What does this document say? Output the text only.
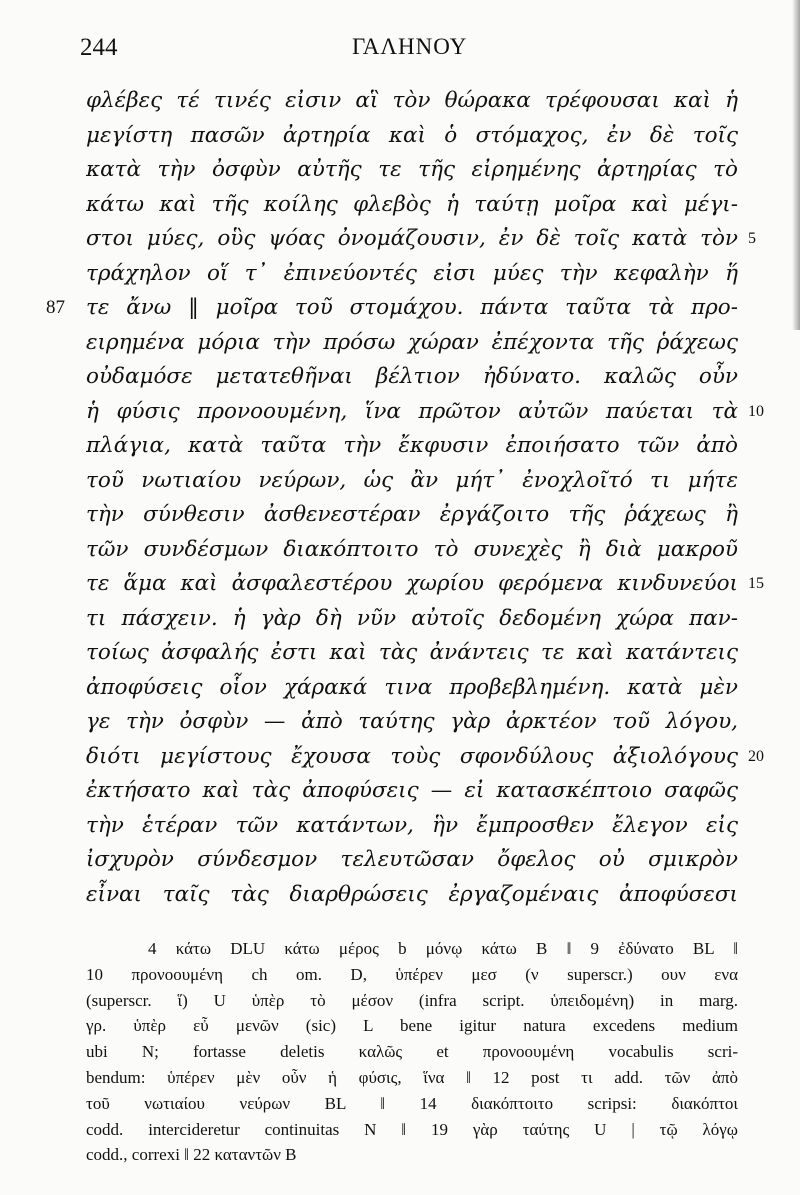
244	ΓΑΛΗΝΟΥ
φλέβες τέ τινές εἰσιν αἳ τὸν θώρακα τρέφουσαι καὶ ἡ
μεγίστη πασῶν ἀρτηρία καὶ ὁ στόμαχος, ἐν δὲ τοῖς
κατὰ τὴν ὀσφὺν αὐτῆς τε τῆς εἰρημένης ἀρτηρίας τὸ
κάτω καὶ τῆς κοίλης φλεβὸς ἡ ταύτῃ μοῖρα καὶ μέγι-
στοι μύες, οὓς ψόας ὀνομάζουσιν, ἐν δὲ τοῖς κατὰ τὸν 5
τράχηλον οἵ τ᾽ ἐπινεύοντές εἰσι μύες τὴν κεφαλὴν ἥ
87 τε ἄνω ‖ μοῖρα τοῦ στομάχου. πάντα ταῦτα τὰ προ-
ειρημένα μόρια τὴν πρόσω χώραν ἐπέχοντα τῆς ῥάχεως
οὐδαμόσε μετατεθῆναι βέλτιον ἠδύνατο. καλῶς οὖν
ἡ φύσις προνοουμένη, ἵνα πρῶτον αὐτῶν παύεται τὰ 10
πλάγια, κατὰ ταῦτα τὴν ἔκφυσιν ἐποιήσατο τῶν ἀπὸ
τοῦ νωτιαίου νεύρων, ὡς ἂν μήτ᾽ ἐνοχλοῖτό τι μήτε
τὴν σύνθεσιν ἀσθενεστέραν ἐργάζοιτο τῆς ῥάχεως ἢ
τῶν συνδέσμων διακόπτοιτο τὸ συνεχὲς ἢ διὰ μακροῦ
τε ἅμα καὶ ἀσφαλεστέρου χωρίου φερόμενα κινδυνεύοι 15
τι πάσχειν. ἡ γὰρ δὴ νῦν αὐτοῖς δεδομένη χώρα παν-
τοίως ἀσφαλής ἐστι καὶ τὰς ἀνάντεις τε καὶ κατάντεις
ἀποφύσεις οἷον χάρακά τινα προβεβλημένη. κατὰ μὲν
γε τὴν ὀσφὺν — ἀπὸ ταύτης γὰρ ἀρκτέον τοῦ λόγου,
διότι μεγίστους ἔχουσα τοὺς σφονδύλους ἀξιολόγους 20
ἐκτήσατο καὶ τὰς ἀποφύσεις — εἰ κατασκέπτοιο σαφῶς
τὴν ἑτέραν τῶν κατάντων, ἣν ἔμπροσθεν ἔλεγον εἰς
ἰσχυρὸν σύνδεσμον τελευτῶσαν ὄφελος οὐ σμικρὸν
εἶναι ταῖς τὰς διαρθρώσεις ἐργαζομέναις ἀποφύσεσι
4 κάτω DLU κάτω μέρος b μόνῳ κάτω B ‖ 9 ἐδύνατο BL ‖
10 προνοουμένη ch om. D, ὑπέρεν μεσ (ν superscr.) ουν ενα
(superscr. ἵ) U ὑπὲρ τὸ μέσον (infra script. ὑπειδομένη) in marg.
γρ. ὑπὲρ εὖ μενῶν (sic) L bene igitur natura excedens medium
ubi N; fortasse deletis καλῶς et προνοουμένη vocabulis scri-
bendum: ὑπέρεν μὲν οὖν ἡ φύσις, ἵνα ‖ 12 post τι add. τῶν ἀπὸ
τοῦ νωτιαίου νεύρων BL ‖ 14 διακόπτοιτο scripsi: διακόπτοι
codd. intercideretur continuitas N ‖ 19 γὰρ ταύτης U | τῷ λόγῳ
codd., correxi ‖ 22 καταντῶν B
